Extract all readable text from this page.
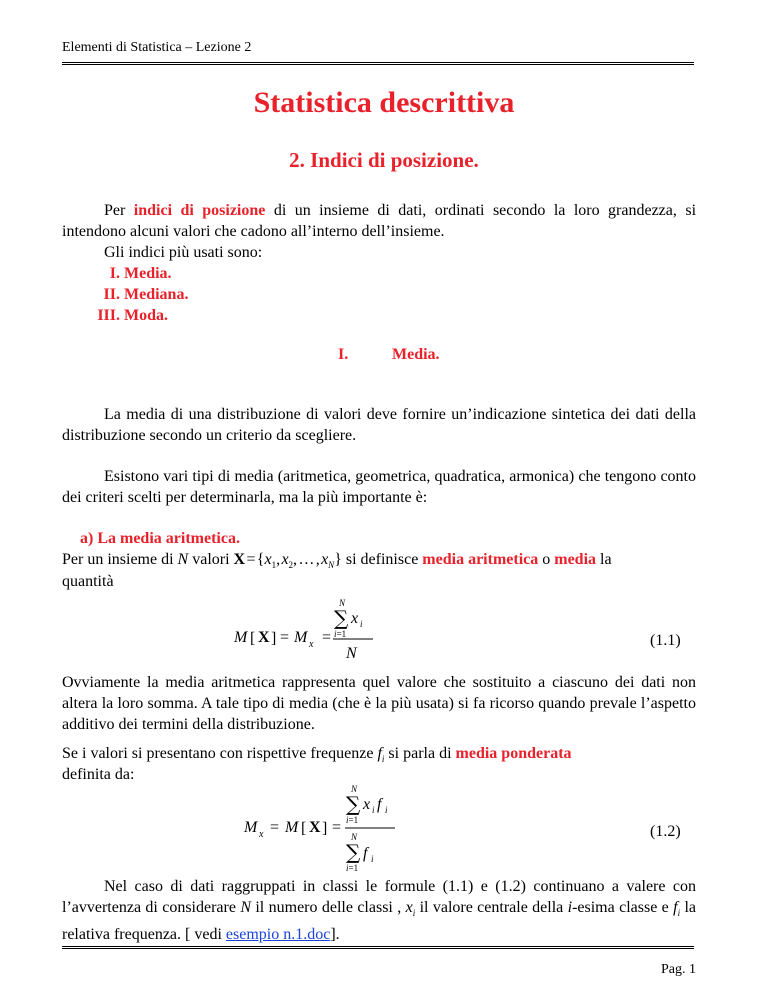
Elementi di Statistica – Lezione 2
Statistica descrittiva
2. Indici di posizione.
Per indici di posizione di un insieme di dati, ordinati secondo la loro grandezza, si intendono alcuni valori che cadono all’interno dell’insieme.
Gli indici più usati sono:
I. Media.
II. Mediana.
III. Moda.
I.	Media.
La media di una distribuzione di valori deve fornire un’indicazione sintetica dei dati della distribuzione secondo un criterio da scegliere.
Esistono vari tipi di media (aritmetica, geometrica, quadratica, armonica) che tengono conto dei criteri scelti per determinarla, ma la più importante è:
a) La media aritmetica.
Per un insieme di N valori X = {$x_1$, $x_2$, … , $x_N$} si definisce media aritmetica o media la
quantità
M [ X ] = M x =
N
∑ x i
i=1
N
(1.1)
Ovviamente la media aritmetica rappresenta quel valore che sostituito a ciascuno dei dati non altera la loro somma. A tale tipo di media (che è la più usata) si fa ricorso quando prevale l’aspetto additivo dei termini della distribuzione.
Se i valori si presentano con rispettive frequenze $f_i$ si parla di media ponderata
definita da:
M x = M [ X ] =
N
∑ x i f i
i=1
N
∑ f i
i=1
(1.2)
Nel caso di dati raggruppati in classi le formule (1.1) e (1.2) continuano a valere con l’avvertenza di considerare N il numero delle classi , $x_i$ il valore centrale della i-esima classe e $f_i$ la relativa frequenza. [ vedi esempio n.1.doc].
Pag. 1
